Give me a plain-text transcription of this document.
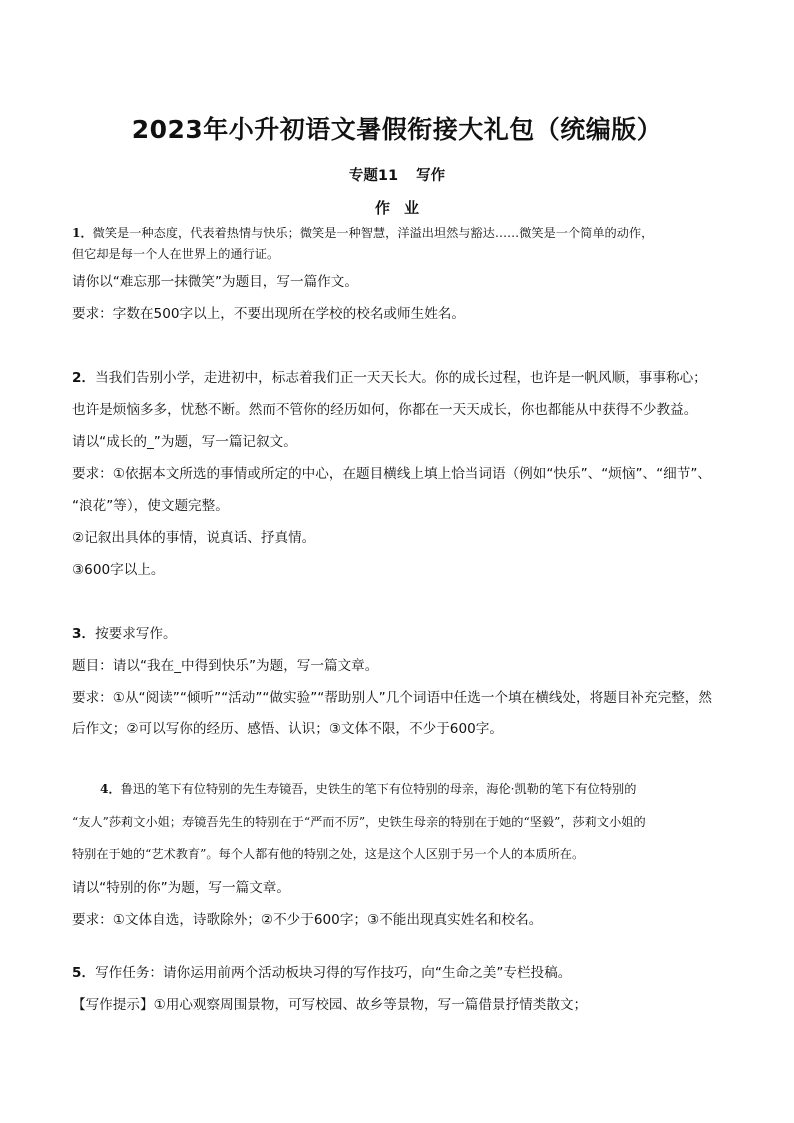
2023年小升初语文暑假衔接大礼包（统编版）
专题11 写作
作业
1．微笑是一种态度，代表着热情与快乐；微笑是一种智慧，洋溢出坦然与豁达……微笑是一个简单的动作，
但它却是每一个人在世界上的通行证。
请你以“难忘那一抹微笑”为题目，写一篇作文。
要求：字数在500字以上，不要出现所在学校的校名或师生姓名。
2．当我们告别小学，走进初中，标志着我们正一天天长大。你的成长过程，也许是一帆风顺，事事称心；
也许是烦恼多多，忧愁不断。然而不管你的经历如何，你都在一天天成长，你也都能从中获得不少教益。
请以“成长的_”为题，写一篇记叙文。
要求：①依据本文所选的事情或所定的中心，在题目横线上填上恰当词语（例如“快乐”、“烦恼”、“细节”、
“浪花”等），使文题完整。
②记叙出具体的事情，说真话、抒真情。
③600字以上。
3．按要求写作。
题目：请以“我在_中得到快乐”为题，写一篇文章。
要求：①从“阅读”“倾听”“活动”“做实验”“帮助别人”几个词语中任选一个填在横线处，将题目补充完整，然
后作文；②可以写你的经历、感悟、认识；③文体不限，不少于600字。
4．鲁迅的笔下有位特别的先生寿镜吾，史铁生的笔下有位特别的母亲，海伦·凯勒的笔下有位特别的
“友人”莎莉文小姐；寿镜吾先生的特别在于“严而不厉”，史铁生母亲的特别在于她的“坚毅”，莎莉文小姐的
特别在于她的“艺术教育”。每个人都有他的特别之处，这是这个人区别于另一个人的本质所在。
请以“特别的你”为题，写一篇文章。
要求：①文体自选，诗歌除外；②不少于600字；③不能出现真实姓名和校名。
5．写作任务：请你运用前两个活动板块习得的写作技巧，向“生命之美”专栏投稿。
【写作提示】①用心观察周围景物，可写校园、故乡等景物，写一篇借景抒情类散文；
